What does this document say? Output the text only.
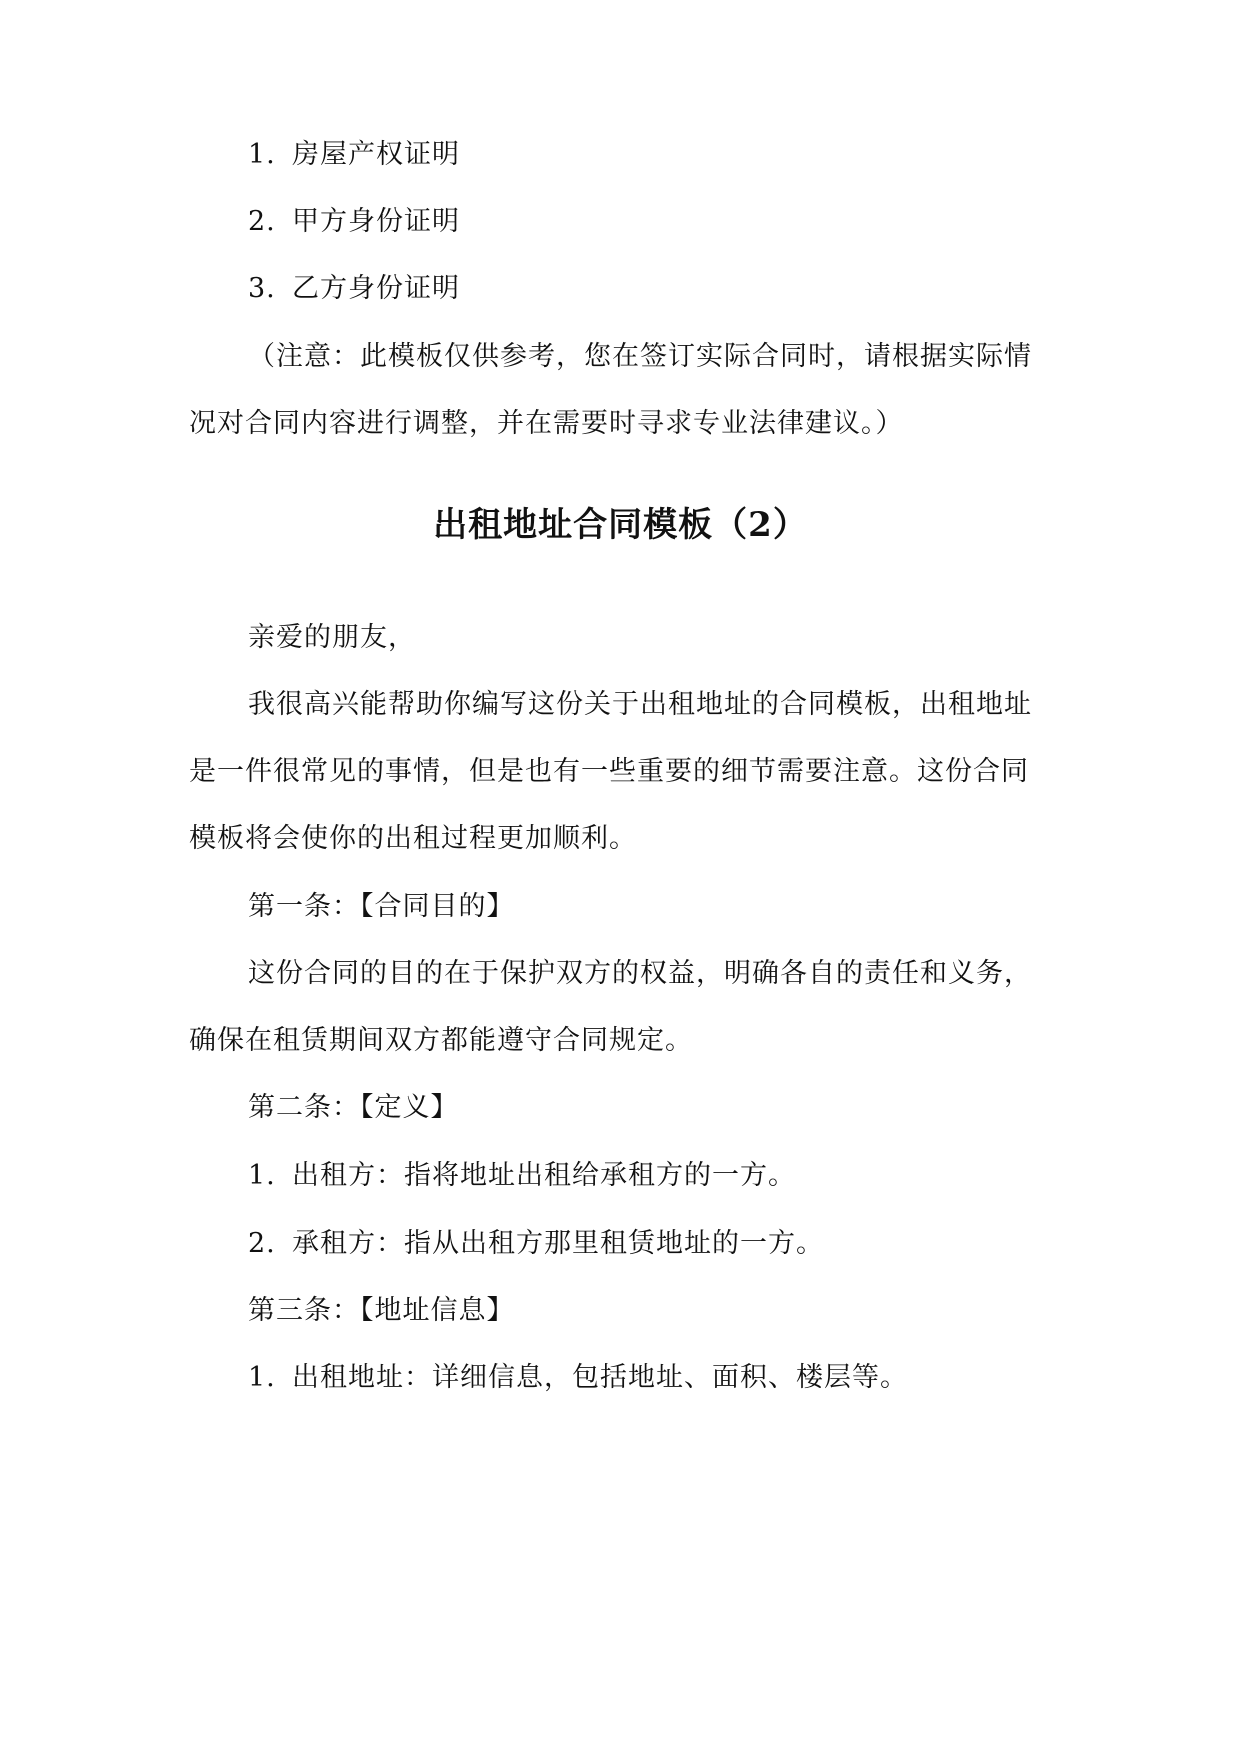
1. 房屋产权证明
2. 甲方身份证明
3. 乙方身份证明
（注意：此模板仅供参考，您在签订实际合同时，请根据实际情
况对合同内容进行调整，并在需要时寻求专业法律建议。）
出租地址合同模板（2）
亲爱的朋友，
我很高兴能帮助你编写这份关于出租地址的合同模板，出租地址
是一件很常见的事情，但是也有一些重要的细节需要注意。这份合同
模板将会使你的出租过程更加顺利。
第一条：【合同目的】
这份合同的目的在于保护双方的权益，明确各自的责任和义务，
确保在租赁期间双方都能遵守合同规定。
第二条：【定义】
1. 出租方：指将地址出租给承租方的一方。
2. 承租方：指从出租方那里租赁地址的一方。
第三条：【地址信息】
1. 出租地址：详细信息，包括地址、面积、楼层等。
